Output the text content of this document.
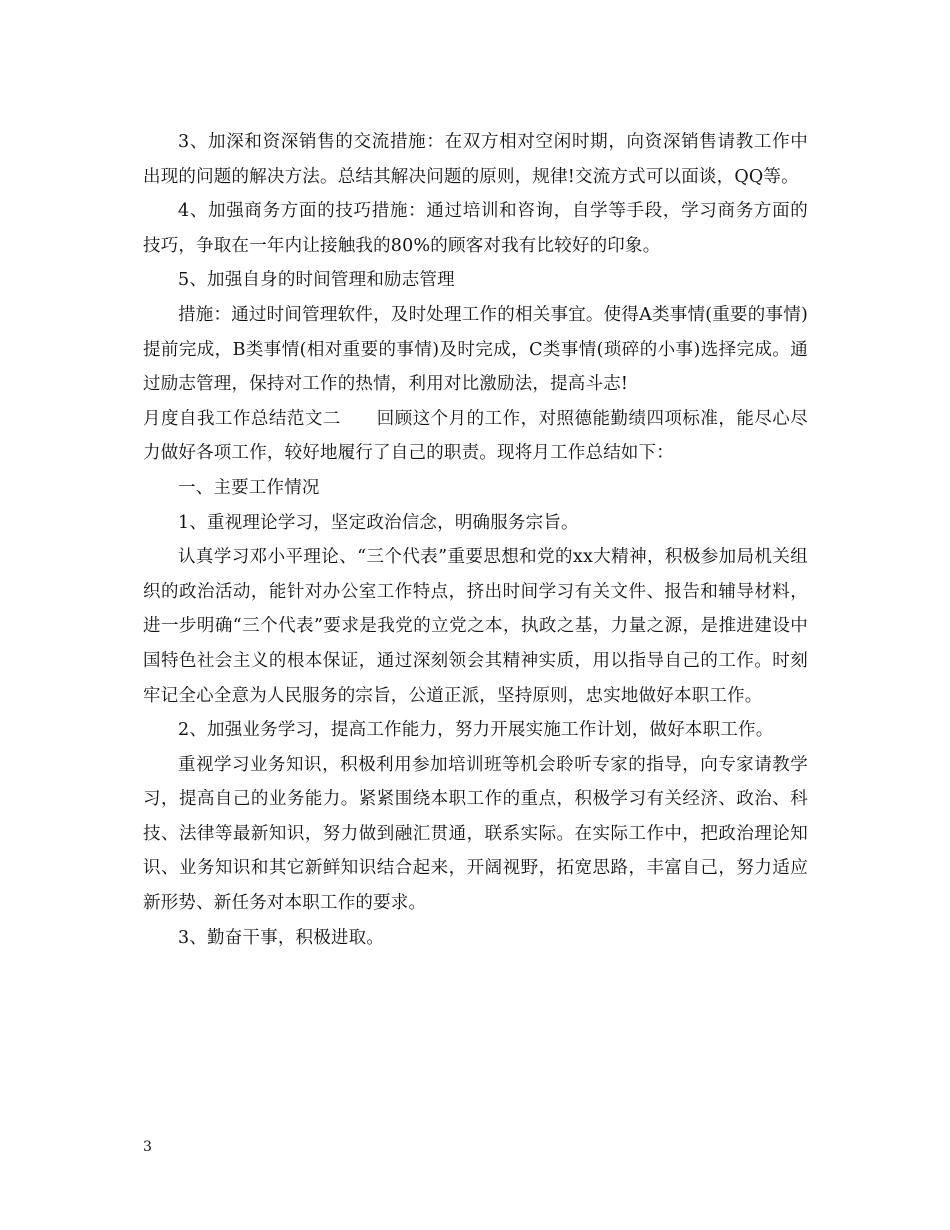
3、加深和资深销售的交流措施：在双方相对空闲时期，向资深销售请教工作中出现的问题的解决方法。总结其解决问题的原则，规律!交流方式可以面谈，QQ等。

4、加强商务方面的技巧措施：通过培训和咨询，自学等手段，学习商务方面的技巧，争取在一年内让接触我的80%的顾客对我有比较好的印象。

5、加强自身的时间管理和励志管理

措施：通过时间管理软件，及时处理工作的相关事宜。使得A类事情(重要的事情)提前完成，B类事情(相对重要的事情)及时完成，C类事情(琐碎的小事)选择完成。通过励志管理，保持对工作的热情，利用对比激励法，提高斗志!

月度自我工作总结范文二　　回顾这个月的工作，对照德能勤绩四项标准，能尽心尽力做好各项工作，较好地履行了自己的职责。现将月工作总结如下：

一、主要工作情况

1、重视理论学习，坚定政治信念，明确服务宗旨。

认真学习邓小平理论、“三个代表”重要思想和党的xx大精神，积极参加局机关组织的政治活动，能针对办公室工作特点，挤出时间学习有关文件、报告和辅导材料，进一步明确“三个代表”要求是我党的立党之本，执政之基，力量之源，是推进建设中国特色社会主义的根本保证，通过深刻领会其精神实质，用以指导自己的工作。时刻牢记全心全意为人民服务的宗旨，公道正派，坚持原则，忠实地做好本职工作。

2、加强业务学习，提高工作能力，努力开展实施工作计划，做好本职工作。

重视学习业务知识，积极利用参加培训班等机会聆听专家的指导，向专家请教学习，提高自己的业务能力。紧紧围绕本职工作的重点，积极学习有关经济、政治、科技、法律等最新知识，努力做到融汇贯通，联系实际。在实际工作中，把政治理论知识、业务知识和其它新鲜知识结合起来，开阔视野，拓宽思路，丰富自己，努力适应新形势、新任务对本职工作的要求。

3、勤奋干事，积极进取。

3
